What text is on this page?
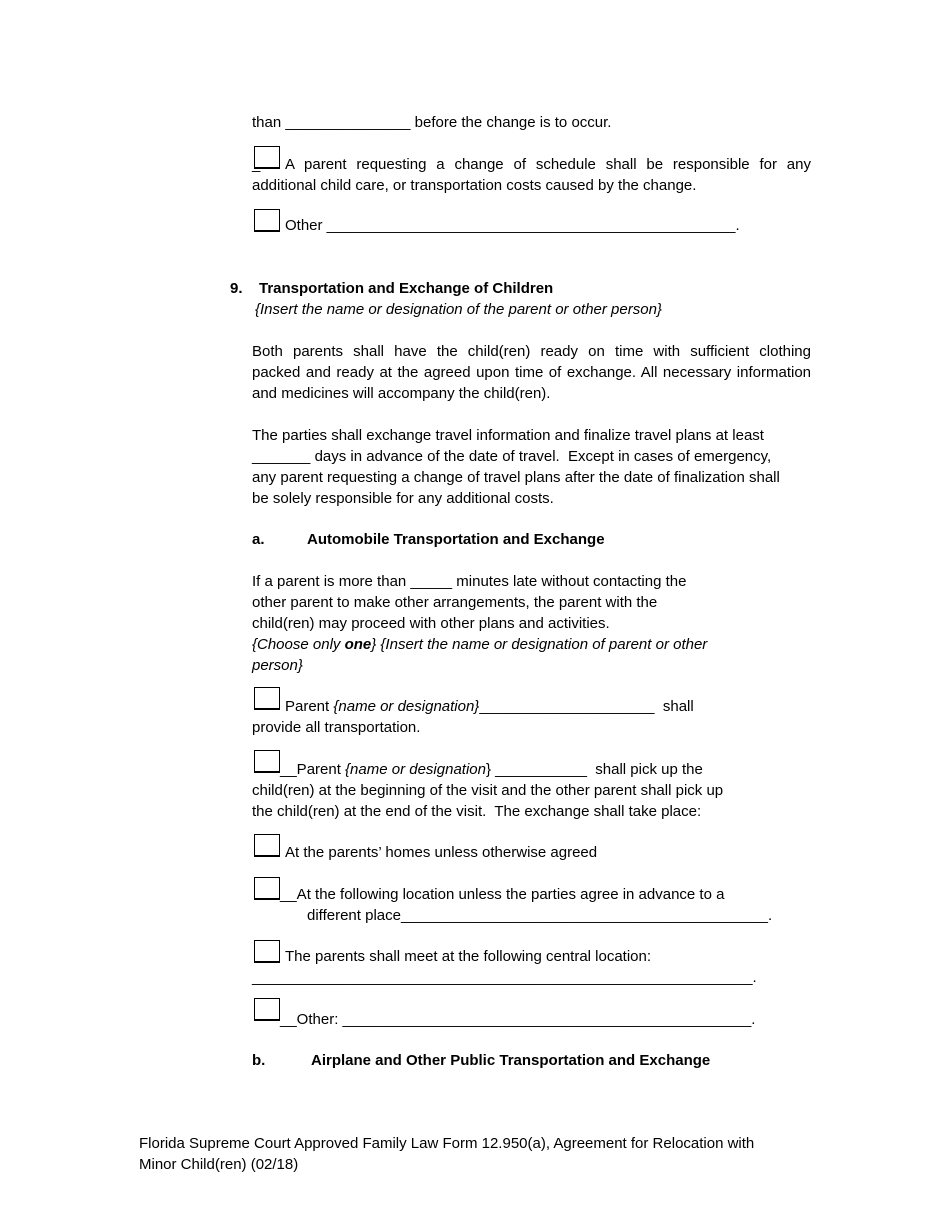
than _______________ before the change is to occur.
_ A parent requesting a change of schedule shall be responsible for any
additional child care, or transportation costs caused by the change.
Other _________________________________________________.
9. Transportation and Exchange of Children
{Insert the name or designation of the parent or other person}
Both parents shall have the child(ren) ready on time with sufficient clothing
packed and ready at the agreed upon time of exchange. All necessary information
and medicines will accompany the child(ren).
The parties shall exchange travel information and finalize travel plans at least
_______ days in advance of the date of travel.  Except in cases of emergency,
any parent requesting a change of travel plans after the date of finalization shall
be solely responsible for any additional costs.
a.	Automobile Transportation and Exchange
If a parent is more than _____ minutes late without contacting the
other parent to make other arrangements, the parent with the
child(ren) may proceed with other plans and activities.
{Choose only one} {Insert the name or designation of parent or other
person}
Parent {name or designation}_____________________  shall
provide all transportation.
__Parent {name or designation} ___________  shall pick up the
child(ren) at the beginning of the visit and the other parent shall pick up
the child(ren) at the end of the visit.  The exchange shall take place:
At the parents’ homes unless otherwise agreed
__At the following location unless the parties agree in advance to a
different place____________________________________________.
The parents shall meet at the following central location:
____________________________________________________________.
__Other: _________________________________________________.
b.	Airplane and Other Public Transportation and Exchange
Florida Supreme Court Approved Family Law Form 12.950(a), Agreement for Relocation with
Minor Child(ren) (02/18)
